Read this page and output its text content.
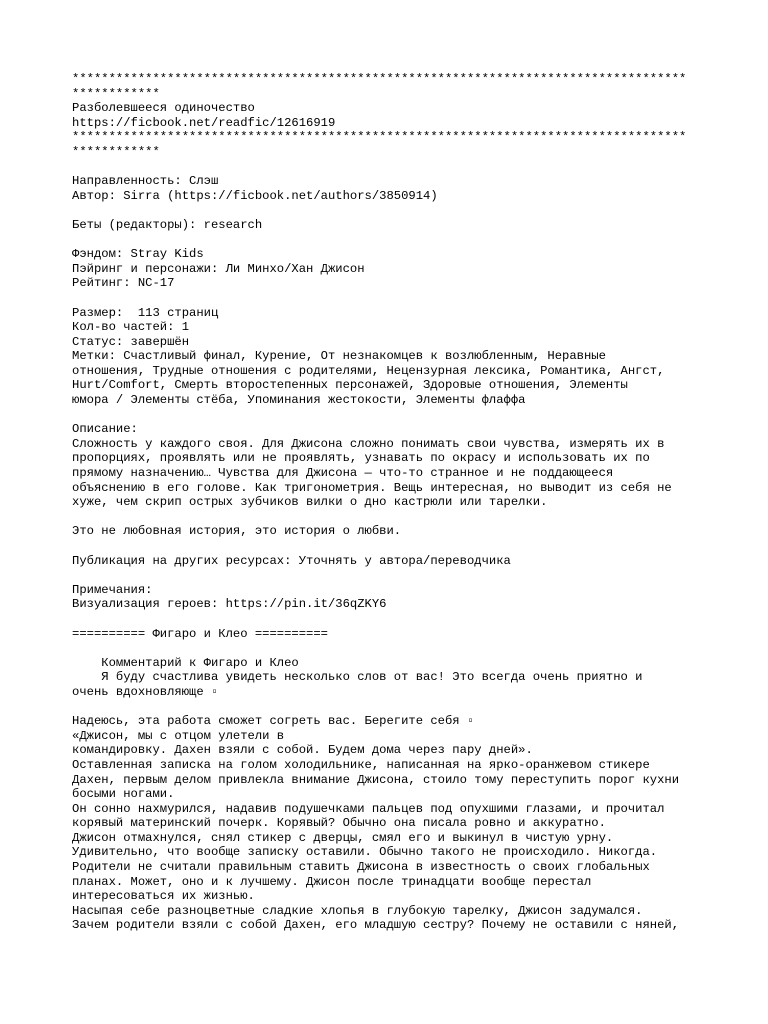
************************************************************************************
************
Разболевшееся одиночество
https://ficbook.net/readfic/12616919
************************************************************************************
************
Направленность: Слэш
Автор: Sirra (https://ficbook.net/authors/3850914)
Беты (редакторы): research
Фэндом: Stray Kids
Пэйринг и персонажи: Ли Минхо/Хан Джисон
Рейтинг: NC-17
Размер:  113 страниц
Кол-во частей: 1
Статус: завершён
Метки: Счастливый финал, Курение, От незнакомцев к возлюбленным, Неравные
отношения, Трудные отношения с родителями, Нецензурная лексика, Романтика, Ангст,
Hurt/Comfort, Смерть второстепенных персонажей, Здоровые отношения, Элементы
юмора / Элементы стёба, Упоминания жестокости, Элементы флаффа
Описание:
Сложность у каждого своя. Для Джисона сложно понимать свои чувства, измерять их в
пропорциях, проявлять или не проявлять, узнавать по окрасу и использовать их по
прямому назначению… Чувства для Джисона — что-то странное и не поддающееся
объяснению в его голове. Как тригонометрия. Вещь интересная, но выводит из себя не
хуже, чем скрип острых зубчиков вилки о дно кастрюли или тарелки.
Это не любовная история, это история о любви.
Публикация на других ресурсах: Уточнять у автора/переводчика
Примечания:
Визуализация героев: https://pin.it/36qZKY6
========== Фигаро и Клео ==========
Комментарий к Фигаро и Клео
Я буду счастлива увидеть несколько слов от вас! Это всегда очень приятно и
очень вдохновляюще ▫
Надеюсь, эта работа сможет согреть вас. Берегите себя ▫
«Джисон, мы с отцом улетели в
командировку. Дахен взяли с собой. Будем дома через пару дней».
Оставленная записка на голом холодильнике, написанная на ярко-оранжевом стикере
Дахен, первым делом привлекла внимание Джисона, стоило тому переступить порог кухни
босыми ногами.
Он сонно нахмурился, надавив подушечками пальцев под опухшими глазами, и прочитал
корявый материнский почерк. Корявый? Обычно она писала ровно и аккуратно.
Джисон отмахнулся, снял стикер с дверцы, смял его и выкинул в чистую урну.
Удивительно, что вообще записку оставили. Обычно такого не происходило. Никогда.
Родители не считали правильным ставить Джисона в известность о своих глобальных
планах. Может, оно и к лучшему. Джисон после тринадцати вообще перестал
интересоваться их жизнью.
Насыпая себе разноцветные сладкие хлопья в глубокую тарелку, Джисон задумался.
Зачем родители взяли с собой Дахен, его младшую сестру? Почему не оставили с няней,
